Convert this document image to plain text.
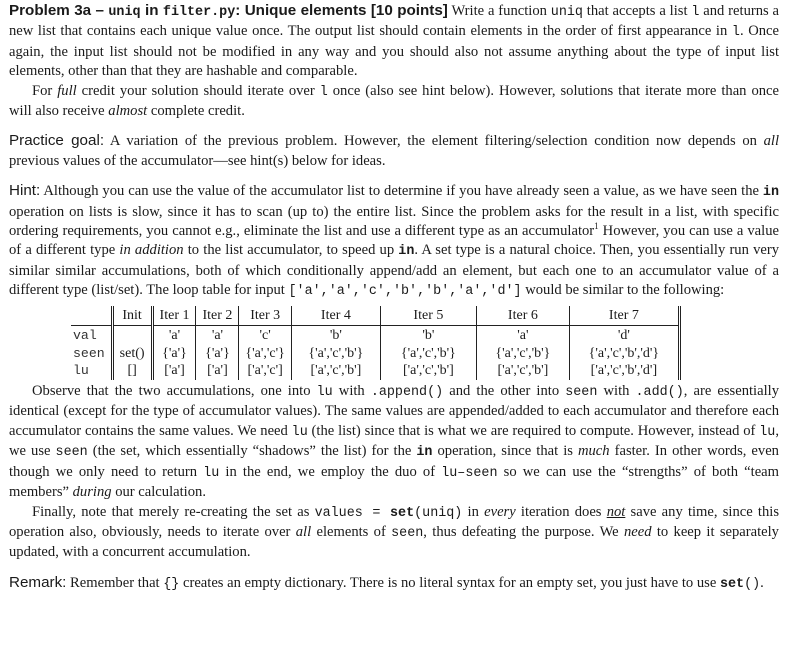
Problem 3a – uniq in filter.py: Unique elements [10 points] Write a function uniq that accepts a list l and returns a new list that contains each unique value once. The output list should contain elements in the order of first appearance in l. Once again, the input list should not be modified in any way and you should also not assume anything about the type of input list elements, other than that they are hashable and comparable.

For full credit your solution should iterate over l once (also see hint below). However, solutions that iterate more than once will also receive almost complete credit.

Practice goal: A variation of the previous problem. However, the element filtering/selection condition now depends on all previous values of the accumulator—see hint(s) below for ideas.

Hint: Although you can use the value of the accumulator list to determine if you have already seen a value, as we have seen the in operation on lists is slow, since it has to scan (up to) the entire list. Since the problem asks for the result in a list, with specific ordering requirements, you cannot e.g., eliminate the list and use a different type as an accumulator$^1$ However, you can use a value of a different type in addition to the list accumulator, to speed up in. A set type is a natural choice. Then, you essentially run very similar similar accumulations, both of which conditionally append/add an element, but each one to an accumulator value of a different type (list/set). The loop table for input ['a','a','c','b','b','a','d'] would be similar to the following:

	Init	Iter 1	Iter 2	Iter 3	Iter 4	Iter 5	Iter 6	Iter 7
val		'a'	'a'	'c'	'b'	'b'	'a'	'd'
seen	set()	{'a'}	{'a'}	{'a','c'}	{'a','c','b'}	{'a','c','b'}	{'a','c','b'}	{'a','c','b','d'}
lu	[]	['a']	['a']	['a','c']	['a','c','b']	['a','c','b']	['a','c','b']	['a','c','b','d']

Observe that the two accumulations, one into lu with .append() and the other into seen with .add(), are essentially identical (except for the type of accumulator values). The same values are appended/added to each accumulator and therefore each accumulator contains the same values. We need lu (the list) since that is what we are required to compute. However, instead of lu, we use seen (the set, which essentially “shadows” the list) for the in operation, since that is much faster. In other words, even though we only need to return lu in the end, we employ the duo of lu–seen so we can use the “strengths” of both “team members” during our calculation.

Finally, note that merely re-creating the set as values = set(uniq) in every iteration does not save any time, since this operation also, obviously, needs to iterate over all elements of seen, thus defeating the purpose. We need to keep it separately updated, with a concurrent accumulation.

Remark: Remember that {} creates an empty dictionary. There is no literal syntax for an empty set, you just have to use set().
